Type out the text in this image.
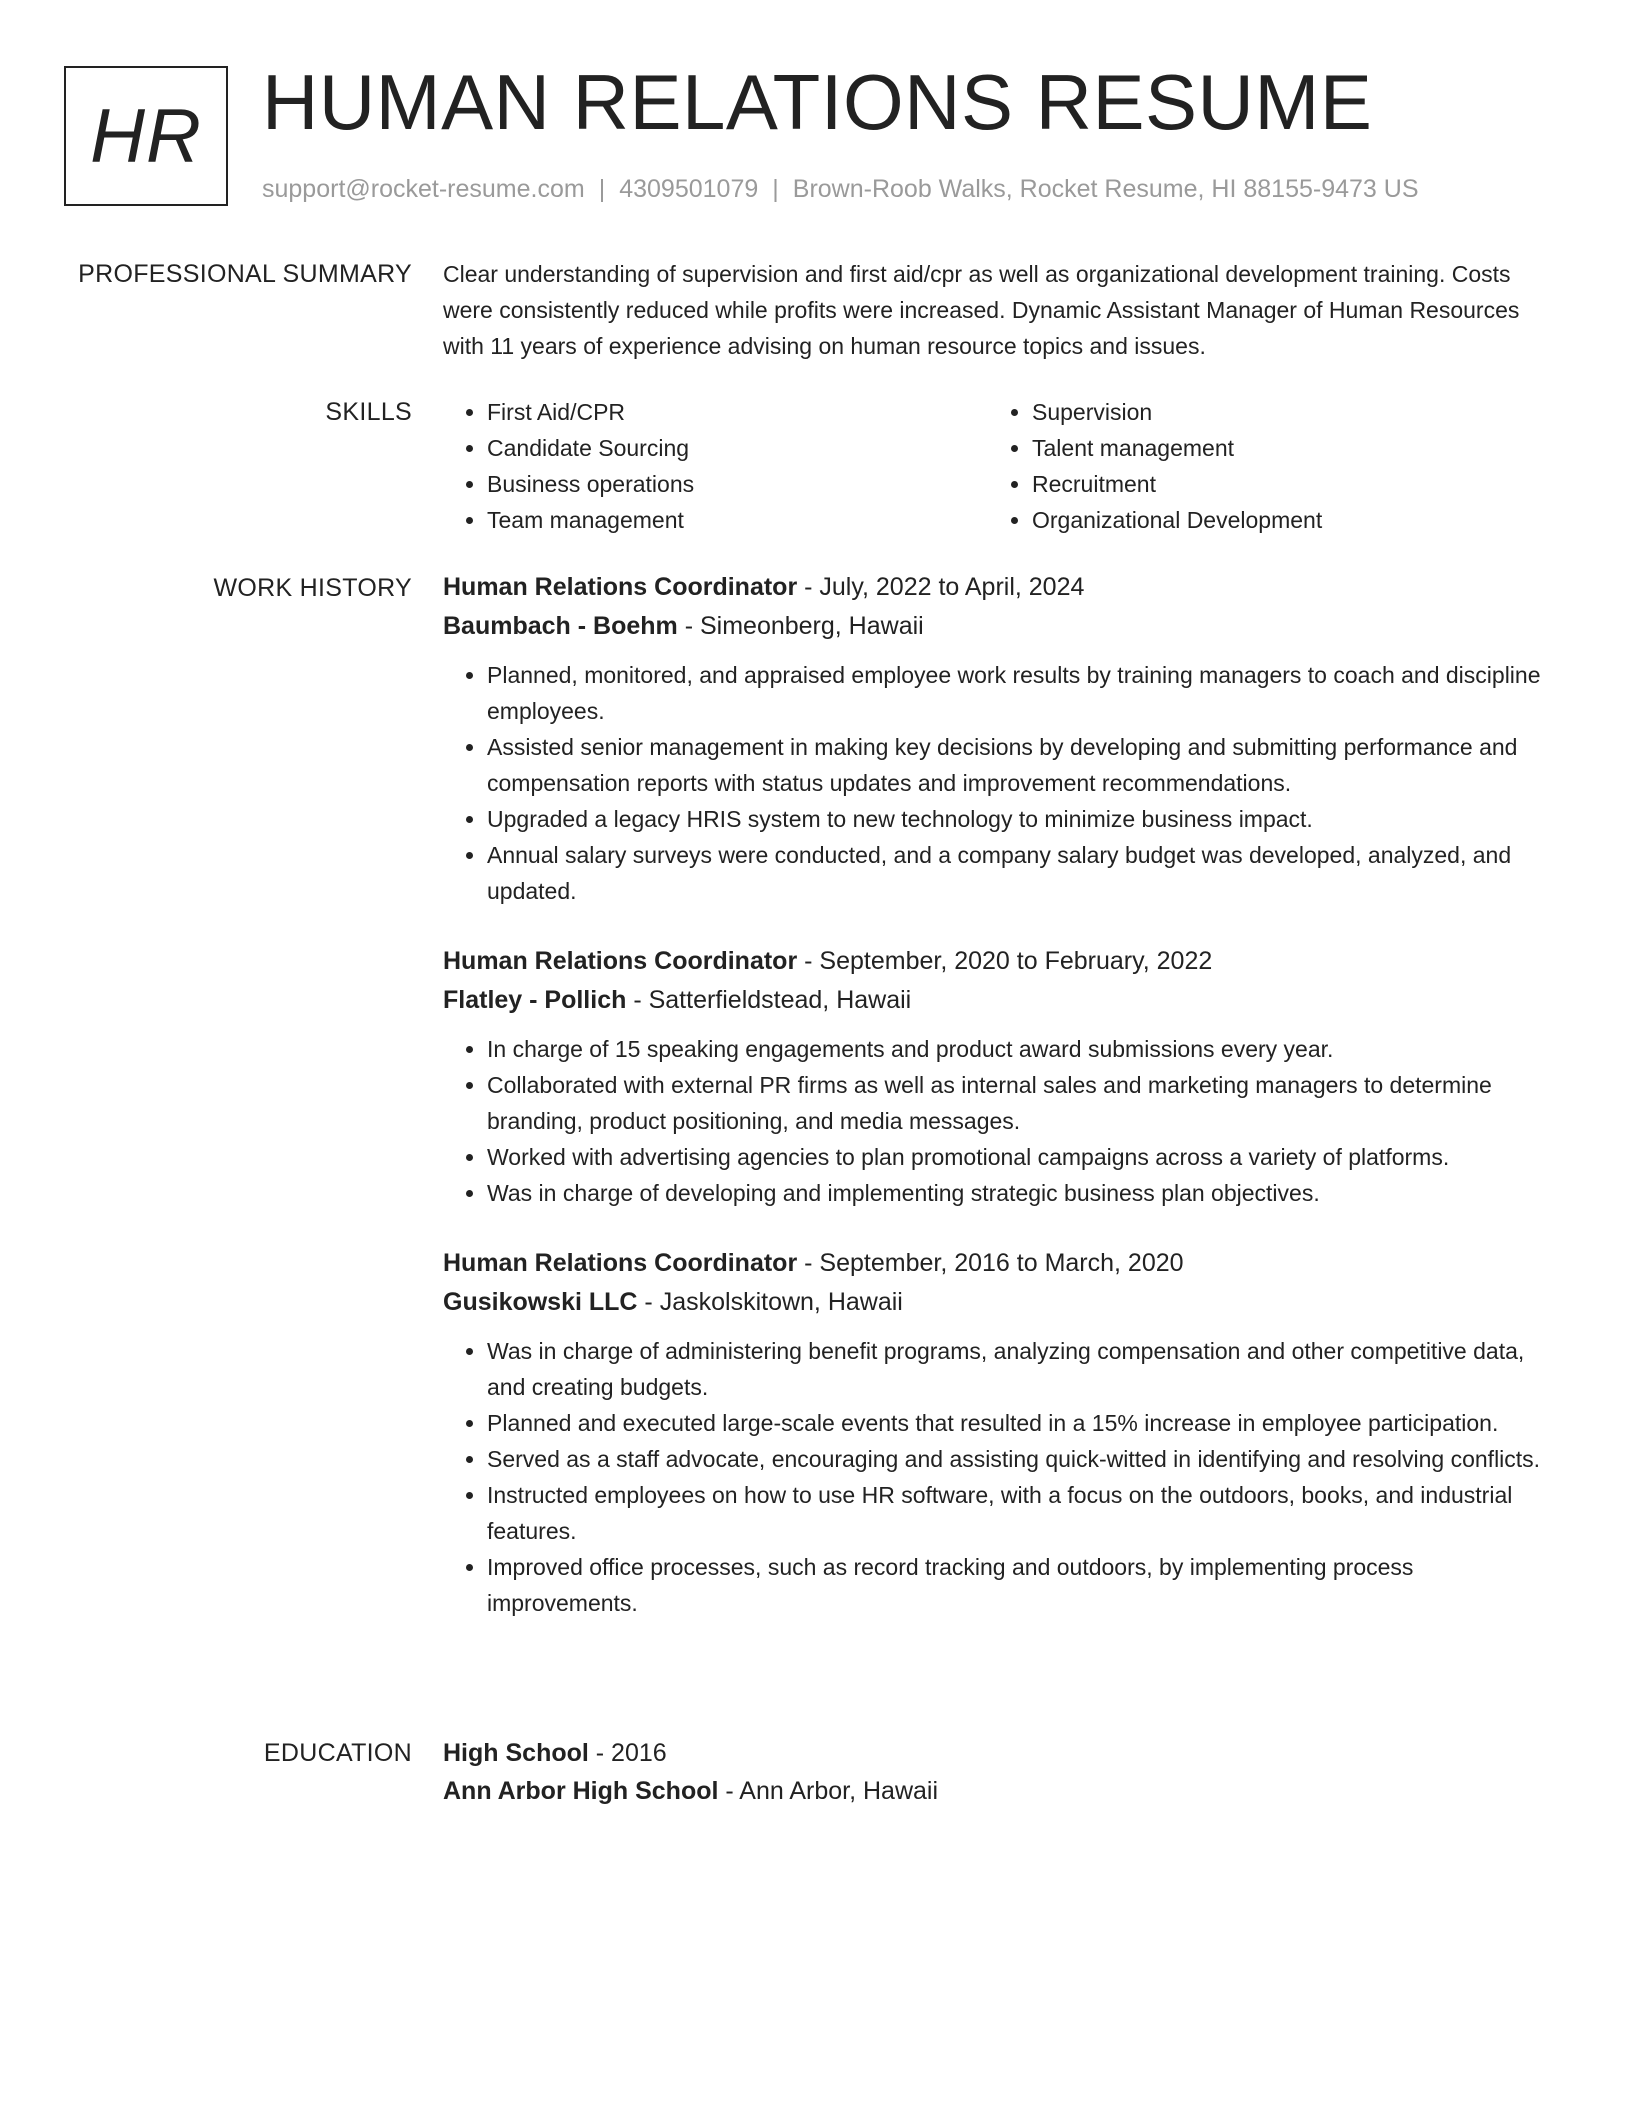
HR HUMAN RELATIONS RESUME
support@rocket-resume.com | 4309501079 | Brown-Roob Walks, Rocket Resume, HI 88155-9473 US
PROFESSIONAL SUMMARY Clear understanding of supervision and first aid/cpr as well as organizational development training. Costs were consistently reduced while profits were increased. Dynamic Assistant Manager of Human Resources with 11 years of experience advising on human resource topics and issues.

SKILLS
•	First Aid/CPR
• Candidate Sourcing
• Business operations
• Team management
• Supervision
• Talent management
• Recruitment
• Organizational Development
WORK HISTORY Human Relations Coordinator - July, 2022 to April, 2024
Baumbach - Boehm - Simeonberg, Hawaii
• Planned, monitored, and appraised employee work results by training managers to coach and discipline employees.
• Assisted senior management in making key decisions by developing and submitting performance and compensation reports with status updates and improvement recommendations.
• Upgraded a legacy HRIS system to new technology to minimize business impact.
• Annual salary surveys were conducted, and a company salary budget was developed, analyzed, and updated.
Human Relations Coordinator - September, 2020 to February, 2022
Flatley - Pollich - Satterfieldstead, Hawaii
• In charge of 15 speaking engagements and product award submissions every year.
• Collaborated with external PR firms as well as internal sales and marketing managers to determine branding, product positioning, and media messages.
• Worked with advertising agencies to plan promotional campaigns across a variety of platforms.
• Was in charge of developing and implementing strategic business plan objectives.
Human Relations Coordinator - September, 2016 to March, 2020
Gusikowski LLC - Jaskolskitown, Hawaii
• Was in charge of administering benefit programs, analyzing compensation and other competitive data, and creating budgets.
• Planned and executed large-scale events that resulted in a 15% increase in employee participation.
• Served as a staff advocate, encouraging and assisting quick-witted in identifying and resolving conflicts.
• Instructed employees on how to use HR software, with a focus on the outdoors, books, and industrial features.
• Improved office processes, such as record tracking and outdoors, by implementing process improvements.
EDUCATION High School - 2016
Ann Arbor High School - Ann Arbor, Hawaii
